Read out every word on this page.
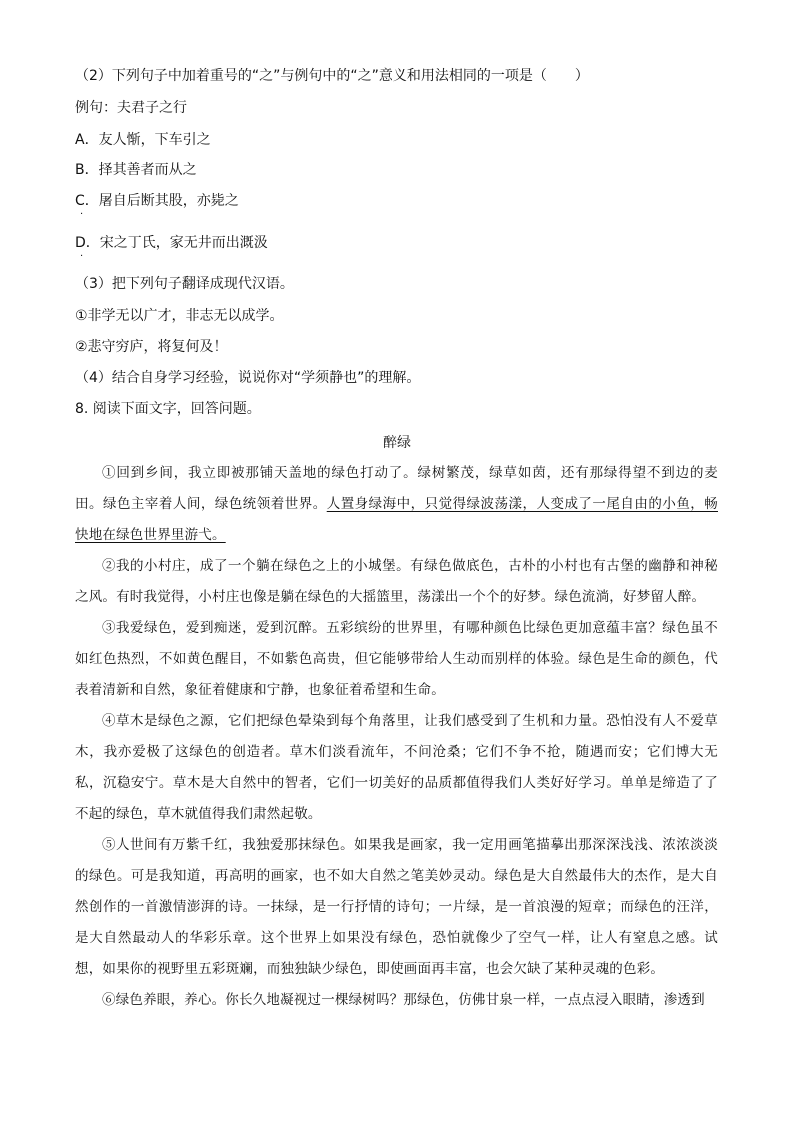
（2）下列句子中加着重号的“之”与例句中的“之”意义和用法相同的一项是（　　）
例句：夫君子之行
A．友人惭，下车引之
B．择其善者而从之
C．屠自后断其股，亦毙之
·
D．宋之丁氏，家无井而出溉汲
·
（3）把下列句子翻译成现代汉语。
①非学无以广才，非志无以成学。
②悲守穷庐，将复何及！
（4）结合自身学习经验，说说你对“学须静也”的理解。
8. 阅读下面文字，回答问题。
醉绿
①回到乡间，我立即被那铺天盖地的绿色打动了。绿树繁茂，绿草如茵，还有那绿得望不到边的麦田。绿色主宰着人间，绿色统领着世界。人置身绿海中，只觉得绿波荡漾，人变成了一尾自由的小鱼，畅快地在绿色世界里游弋。
②我的小村庄，成了一个躺在绿色之上的小城堡。有绿色做底色，古朴的小村也有古堡的幽静和神秘之风。有时我觉得，小村庄也像是躺在绿色的大摇篮里，荡漾出一个个的好梦。绿色流淌，好梦留人醉。
③我爱绿色，爱到痴迷，爱到沉醉。五彩缤纷的世界里，有哪种颜色比绿色更加意蕴丰富？绿色虽不如红色热烈，不如黄色醒目，不如紫色高贵，但它能够带给人生动而别样的体验。绿色是生命的颜色，代表着清新和自然，象征着健康和宁静，也象征着希望和生命。
④草木是绿色之源，它们把绿色晕染到每个角落里，让我们感受到了生机和力量。恐怕没有人不爱草木，我亦爱极了这绿色的创造者。草木们淡看流年，不问沧桑；它们不争不抢，随遇而安；它们博大无私，沉稳安宁。草木是大自然中的智者，它们一切美好的品质都值得我们人类好好学习。单单是缔造了了不起的绿色，草木就值得我们肃然起敬。
⑤人世间有万紫千红，我独爱那抹绿色。如果我是画家，我一定用画笔描摹出那深深浅浅、浓浓淡淡的绿色。可是我知道，再高明的画家，也不如大自然之笔美妙灵动。绿色是大自然最伟大的杰作，是大自然创作的一首激情澎湃的诗。一抹绿，是一行抒情的诗句；一片绿，是一首浪漫的短章；而绿色的汪洋，是大自然最动人的华彩乐章。这个世界上如果没有绿色，恐怕就像少了空气一样，让人有窒息之感。试想，如果你的视野里五彩斑斓，而独独缺少绿色，即使画面再丰富，也会欠缺了某种灵魂的色彩。
⑥绿色养眼，养心。你长久地凝视过一棵绿树吗？那绿色，仿佛甘泉一样，一点点浸入眼睛，渗透到
